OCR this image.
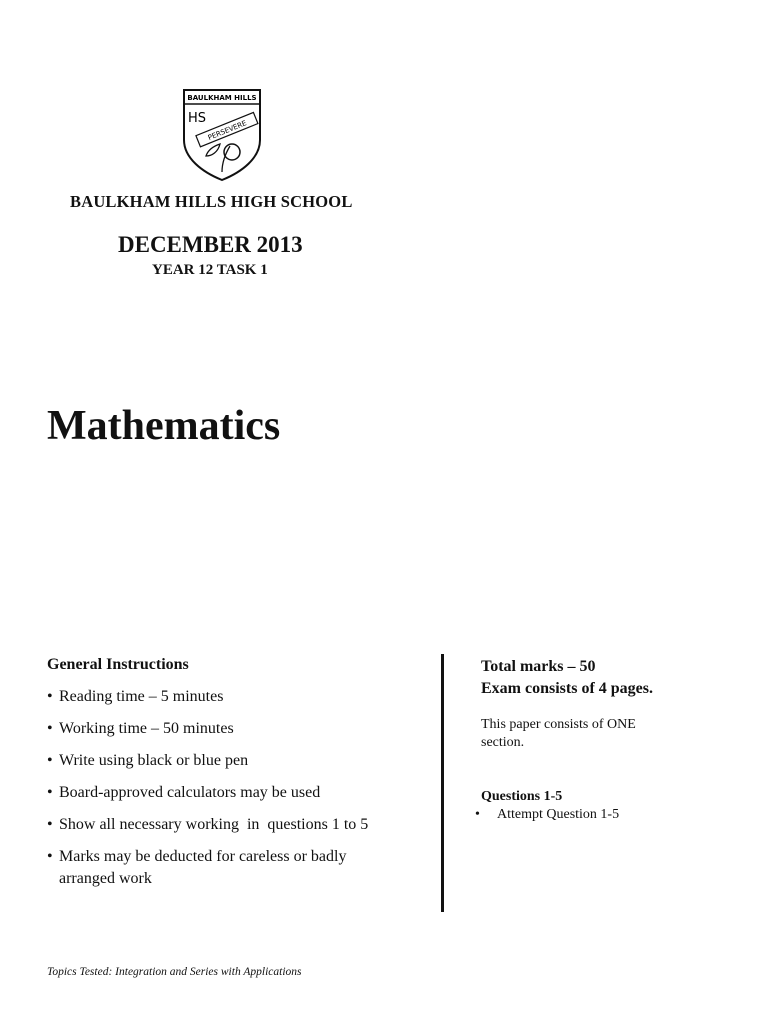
BAULKHAM HILLS
HS
PERSEVERE
BAULKHAM HILLS HIGH SCHOOL
DECEMBER 2013
YEAR 12 TASK 1
Mathematics
General Instructions
• Reading time – 5 minutes
• Working time – 50 minutes
• Write using black or blue pen
• Board-approved calculators may be used
• Show all necessary working  in  questions 1 to 5
• Marks may be deducted for careless or badly arranged work
Total marks – 50
Exam consists of 4 pages.
This paper consists of ONE section.
Questions 1-5
• Attempt Question 1-5
Topics Tested: Integration and Series with Applications
